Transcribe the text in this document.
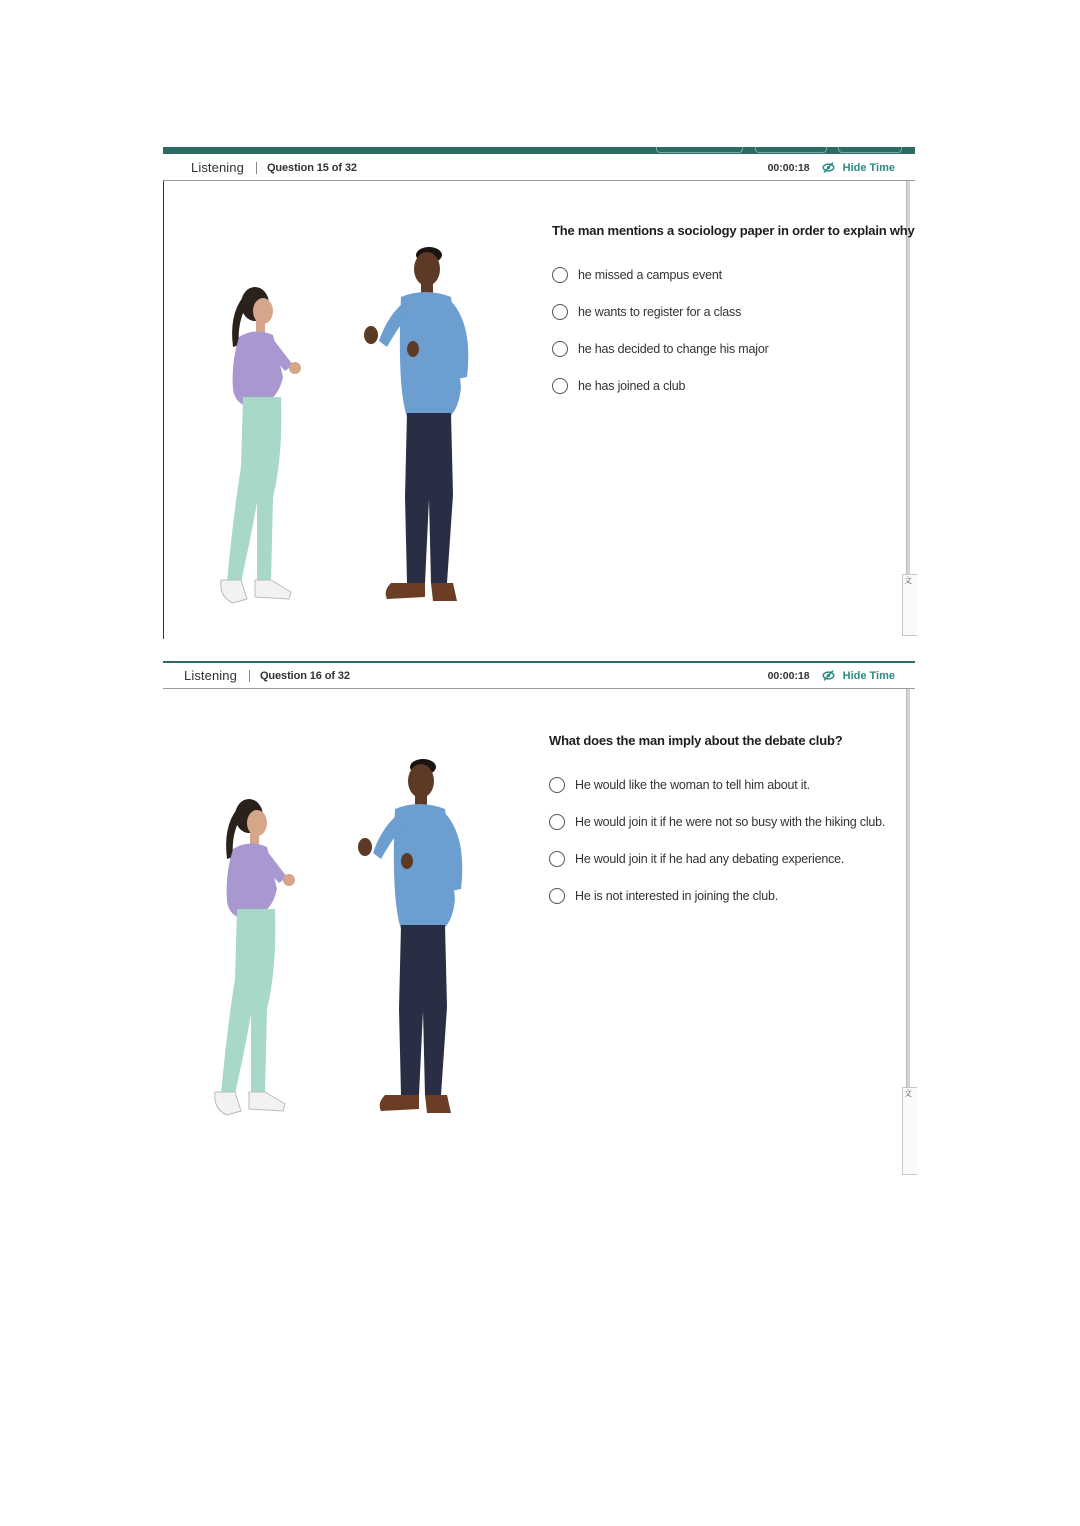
Listening Question 15 of 32	00:00:18	Hide Time
文
The man mentions a sociology paper in order to explain why
he missed a campus event
he wants to register for a class
he has decided to change his major
he has joined a club
Listening Question 16 of 32	00:00:18	Hide Time
文
What does the man imply about the debate club?
He would like the woman to tell him about it.
He would join it if he were not so busy with the hiking club.
He would join it if he had any debating experience.
He is not interested in joining the club.
